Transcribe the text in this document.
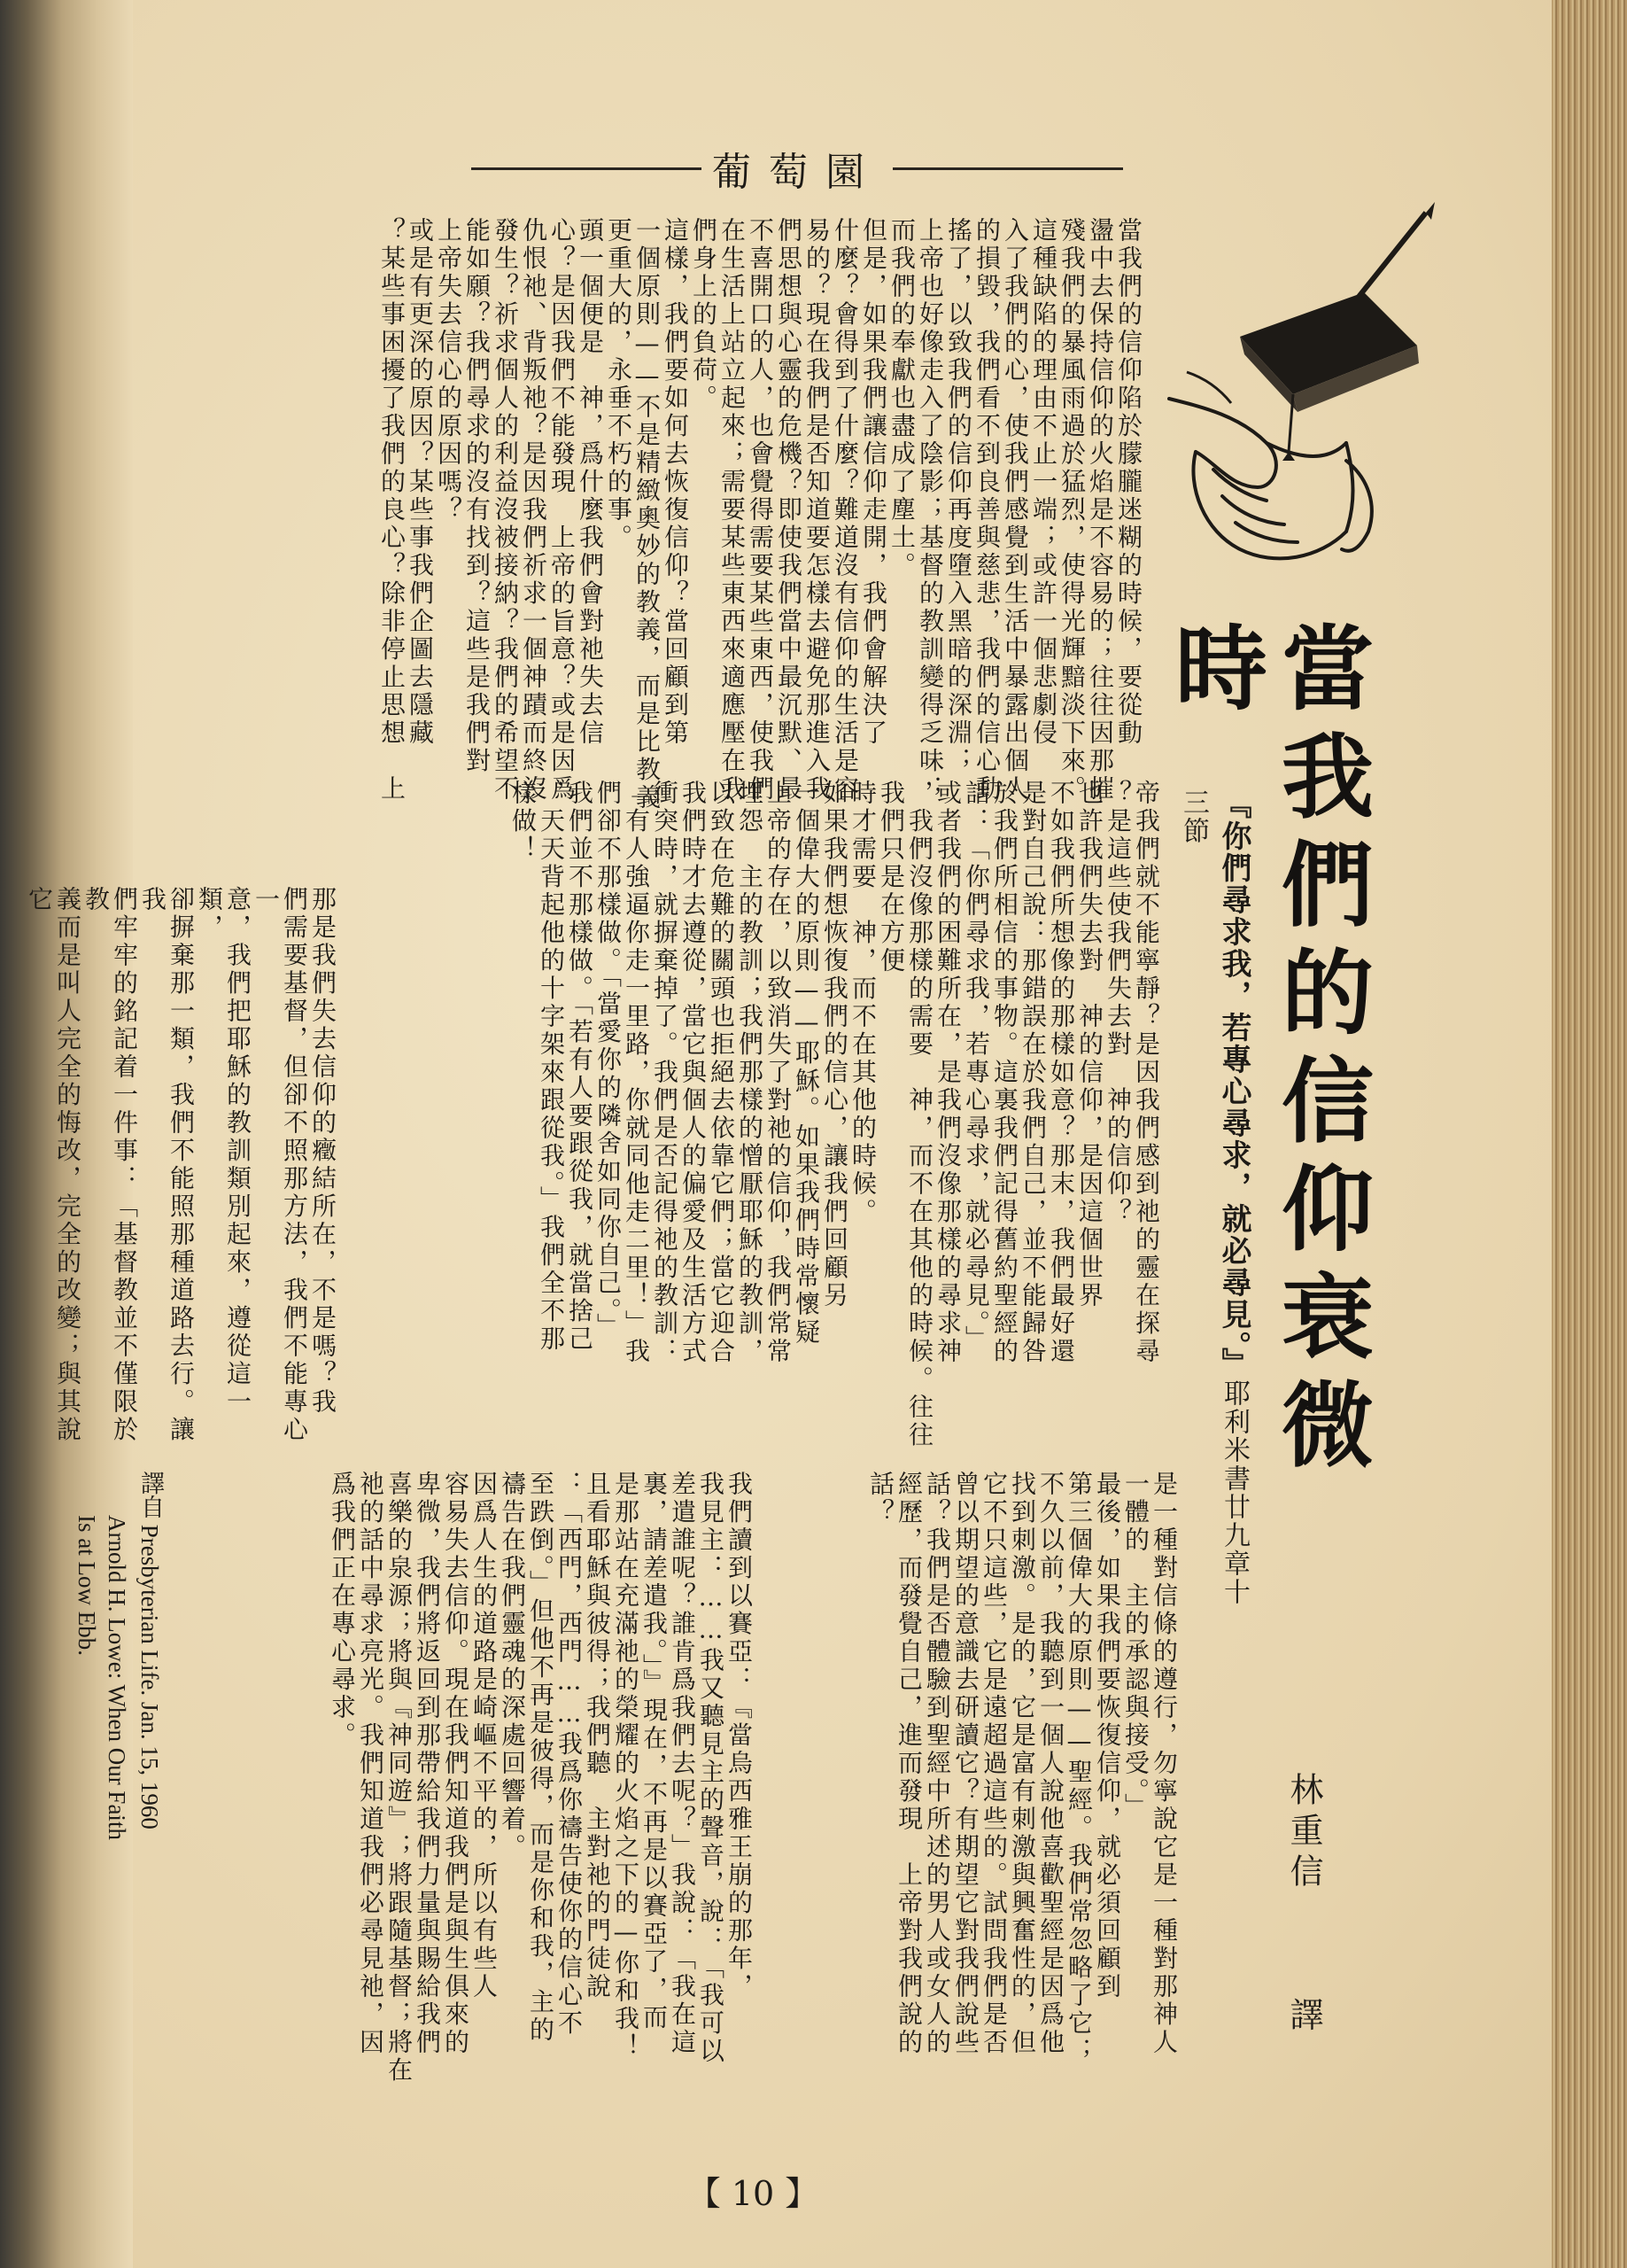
葡萄園
當我們的信仰衰微時
『你們尋求我，若專心尋求，就必尋見。』耶利米書廿九章十三節
林重信
譯
當我們的信仰陷於朦朧迷糊的時候，要從動
盪中去保持信仰的火焰是不容易的；往往因那摧
殘我們的暴風雨過於猛烈，使得光輝黯淡下來。
這種缺陷的理由不止一端；或許一個悲劇侵
入了我們的心，使我們感覺到生活中暴露出個人
的損毀，我們看不到良善與慈悲，我們的信心動
搖了，以致我們的信仰再度墮入黑暗的深淵；
上帝也好像走入了陰影；基督的教訓變得乏味；
而我們的奉獻也盡成了塵土。
但是，如果我們讓信仰走開，我們會解決了
什麼？會得到了什麼？難道沒有信仰的生活是容
易的？現在我們是否知道要怎樣去避免那進入我
們思想與心靈的危機？即使我們當中最沉默、最
不喜開口的人，也會覺得需要某些東西，使我們
在生活上站立起來；需要某些東西來適應壓在我
們身上的負荷。
這樣，我們要如何去恢復信仰？當回顧到第
一個原則——不是精緻奧妙的教義，而是比教義
更重大的，永垂不朽的事。
頭一個便是　神，爲什麼我們會對祂失去信
心？是因我們不能發現　上帝的旨意？或是因爲
仇恨祂、背叛祂？是因我們祈求一個神蹟而終沒
發生？祈求個人的利益沒被接納？我們的希望不
能如願？我們尋求的沒有找到？這些是我們對
上帝失去信心的原因嗎？
或是有更深的原因？某些事我們企圖去隱藏
？某些事困擾了我們的良心？除非停止思想　上
帝我們就不能寧靜？是因我們感到祂的靈在探尋
？是這些使我們失去對　神的信仰？
也許我們失去對　神的信仰，是因這個世界
不如我們所想像的那樣如意？那末，我們最好還
是對自己說：那錯誤在於我們自己，並不能歸咎
於我們所相信的事物。這裏我們記得舊約聖經的
話：「你們尋求我，若專心尋求，就必尋見。」
或者我們的困難所在，是我們沒像那樣的尋求神
，我們沒像那樣的需要　神，而不在其他的時候。往往我們只是在方便
時才需要　神，而不在其他的時候。
如果我們想恢復我們的信心，讓我們回顧另
一個偉大的原則——耶穌。如果我們時常懷疑
上帝的存在，以致消失了對祂的信仰，我們常常
埋怨　主的教訓；我們那樣的憎厭耶穌的教訓，
以致在危難的關頭也拒絕去依靠它們；當它迎合
我們時才去遵從，當它與個人的偏愛及生活方式
衝突時，就摒棄掉了。我們是否記得祂的教訓：
「有人強逼你走一里路，你就同他走二里！」我
們卻不那樣做。「當愛你的隣舍如同你自己。」
我們並不那樣做。「若有人要跟從我，就當捨己
，天天背起他的十字架來跟從我。」我們全不那
樣做！
是一種對信條的遵行，勿寧說它是一種對那神人
一體的　主的承認與接受。」
最後，如果我們要恢復信仰，就必須回顧到
第三個偉大的原則——聖經。我們常忽略了它；
不久以前，我聽到一個人說他喜歡聖經是因爲他
找到刺激。是的，它是富有刺激與興奮性的，但
它不只這些，它是遠超過這些的。試問我們是否
曾以期望的意識去研讀它？有期望它對我們說些
話？我們是否體驗到聖經中所述的男人或女人的
經歷，而發覺自己，進而發現　上帝對我們說的
話？
我們讀到以賽亞：『當烏西雅王崩的那年，
我見主：……我又聽見主的聲音，說：「我可以
差遣誰呢？誰肯爲我們去呢？」我說：「我在這
裏，請差遣我。」』現在，不再是以賽亞了，而
是那站在充滿祂的榮耀的火焰之下的—你和我！
且看耶穌與彼得；我們聽　主對祂的門徒說
：「西門，西門……我爲你禱告使你的信心不
至跌倒。」但他不再是彼得，而是你和我，主的
禱告在我們靈魂的深處回響着。
因爲人生的道路是崎嶇不平的，所以有些人
容易失去信仰。現在我們知道我們是與生俱來的
卑微，我們將返回到那帶給我們力量與賜給我們
喜樂的泉源；將與『神同遊』；將跟隨基督；將在
祂的話中尋求亮光。我們知道我們必尋見祂，因
爲我們正在專心尋求。
那是我們失去信仰的癥結所在，不是嗎？我
們需要基督，但卻不照那方法，我們不能專心一
意，我們把耶穌的教訓類別起來，遵從這一類，
卻摒棄那一類，我們不能照那種道路去行。讓我
們牢牢的銘記着一件事：「基督教並不僅限於教
義而是叫人完全的悔改，完全的改變；與其說它
譯自 Presbyterian Life. Jan. 15, 1960
Arnold H. Lowe: When Our Faith
Is at Low Ebb.
【 10 】
